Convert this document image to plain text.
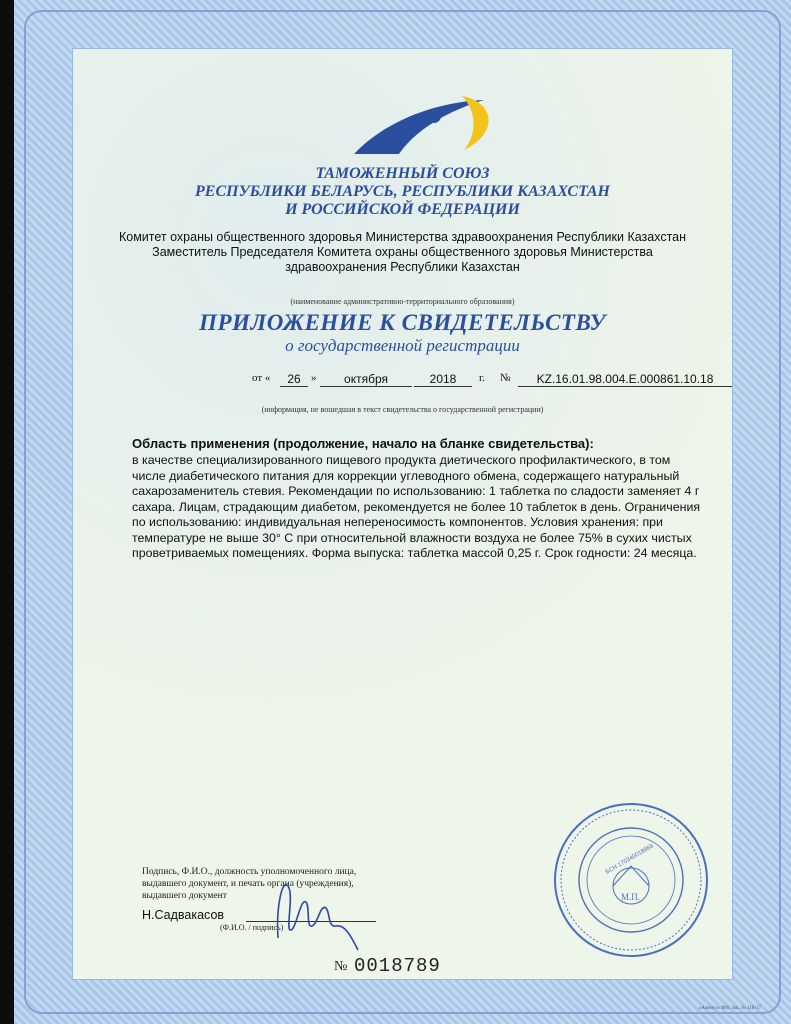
ТАМОЖЕННЫЙ СОЮЗ
РЕСПУБЛИКИ БЕЛАРУСЬ, РЕСПУБЛИКИ КАЗАХСТАН
И РОССИЙСКОЙ ФЕДЕРАЦИИ
Комитет охраны общественного здоровья Министерства здравоохранения Республики Казахстан
Заместитель Председателя Комитета охраны общественного здоровья Министерства
здравоохранения Республики Казахстан
(наименование административно-территориального образования)
ПРИЛОЖЕНИЕ К СВИДЕТЕЛЬСТВУ
о государственной регистрации
от «	26 »	октября	2018	г. №	KZ.16.01.98.004.E.000861.10.18
(информация, не вошедшая в текст свидетельства о государственной регистрации)
Область применения (продолжение, начало на бланке свидетельства):
в качестве специализированного пищевого продукта диетического профилактического, в том
числе диабетического питания для коррекции углеводного обмена, содержащего натуральный
сахарозаменитель стевия. Рекомендации по использованию: 1 таблетка по сладости заменяет 4 г
сахара. Лицам, страдающим диабетом, рекомендуется не более 10 таблеток в день. Ограничения
по использованию: индивидуальная непереносимость компонентов. Условия хранения: при
температуре не выше 30° С при относительной влажности воздуха не более 75% в сухих чистых
проветриваемых помещениях. Форма выпуска: таблетка массой 0,25 г. Срок годности: 24 месяца.
Подпись, Ф.И.О., должность уполномоченного лица,
выдавшего документ, и печать органа (учреждения),
выдавшего документ
Н.Садвакасов
(Ф.И.О. / подпись)
М.П.
БСН 170340018869
№ 0018789
«Азимут» ФИ. Зак. № 118-17
